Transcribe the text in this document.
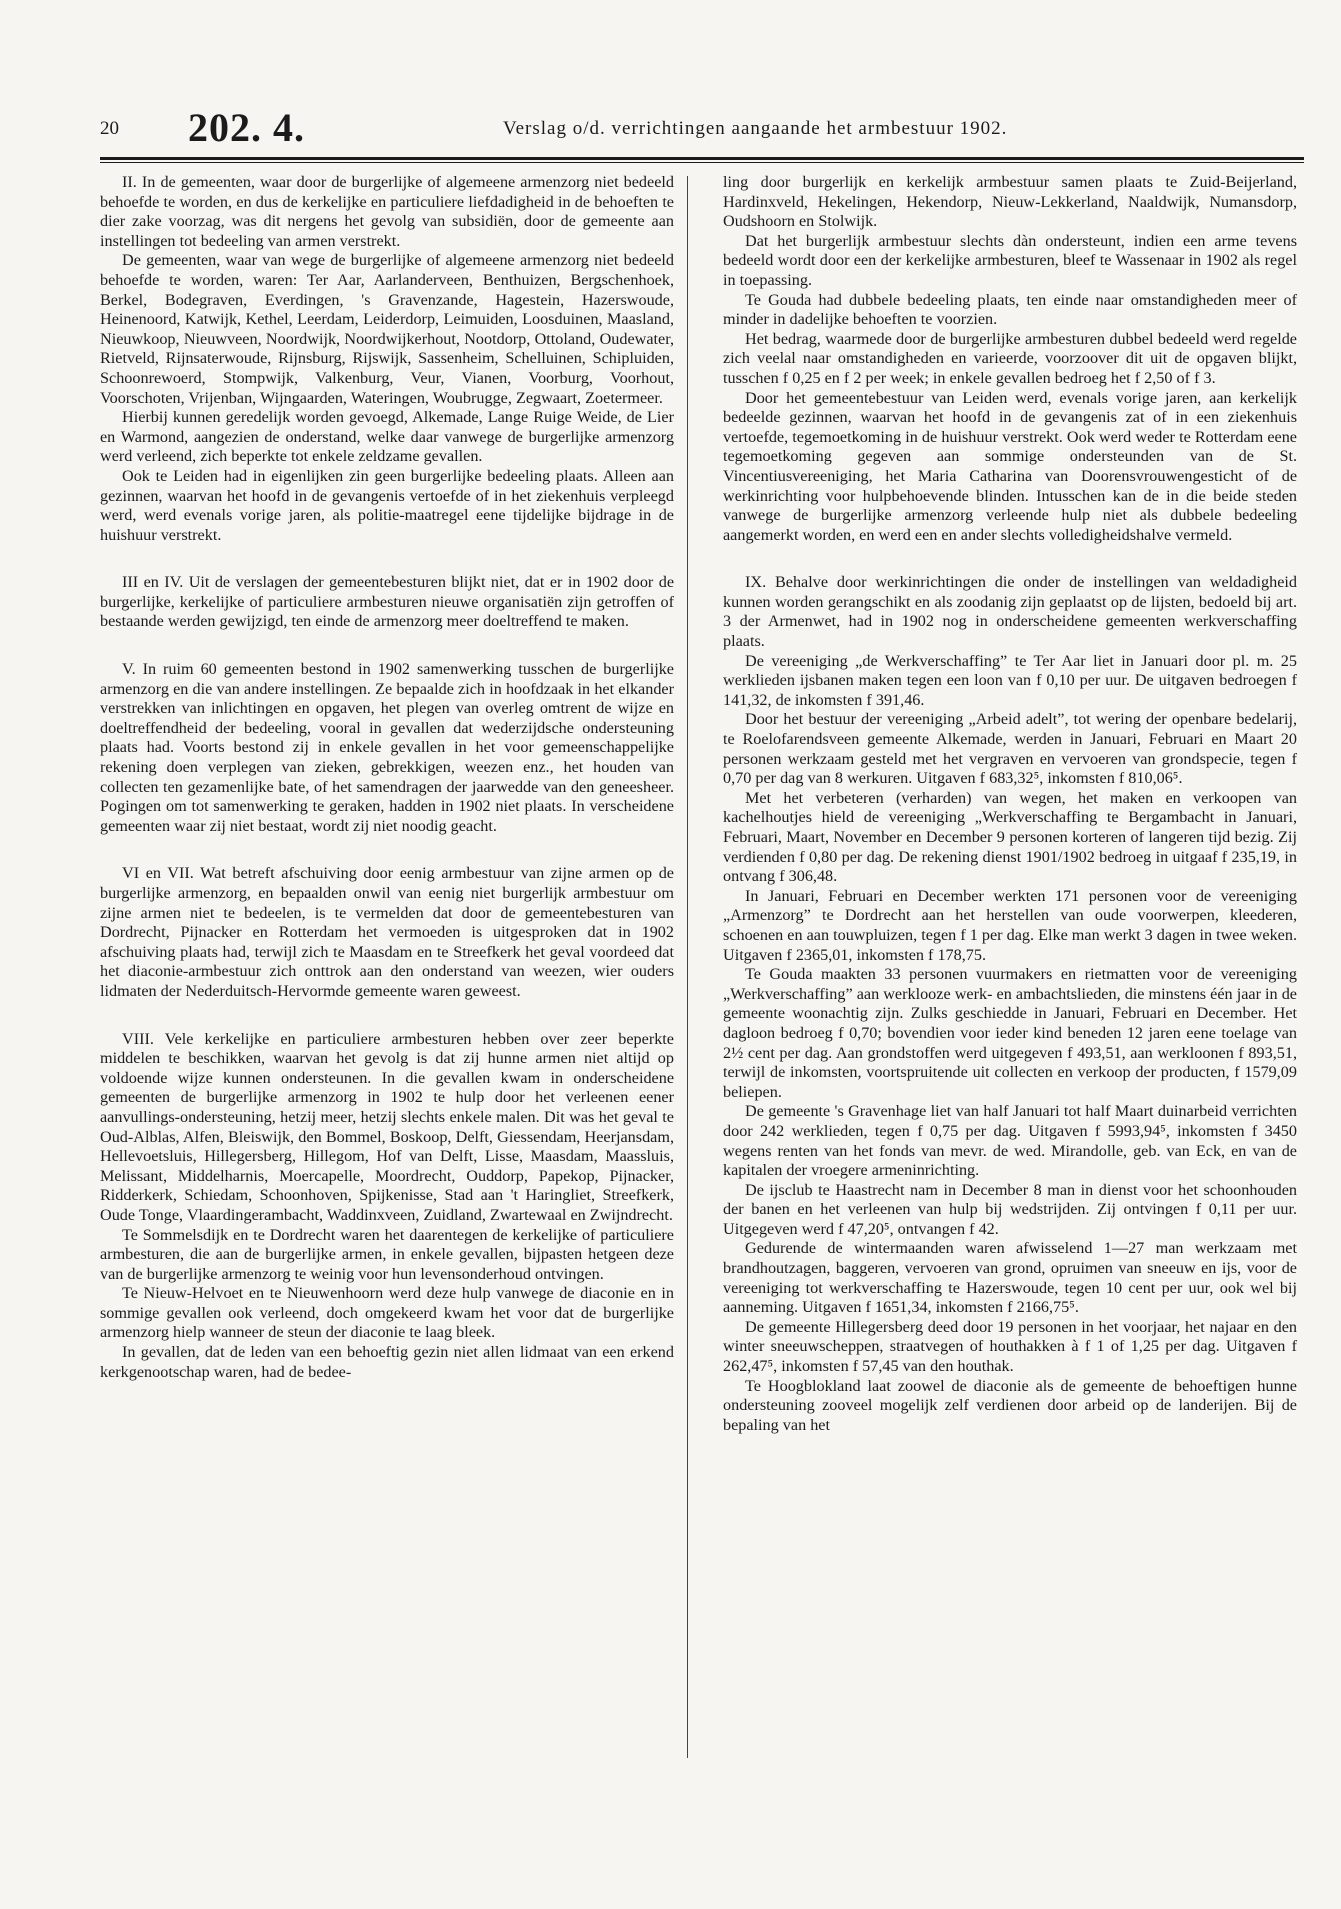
20 202. 4.	Verslag o/d. verrichtingen aangaande het armbestuur 1902.

II. In de gemeenten, waar door de burgerlijke of algemeene armenzorg niet bedeeld behoefde te worden, en dus de kerkelijke en particuliere liefdadigheid in de behoeften te dier zake voorzag, was dit nergens het gevolg van subsidiën, door de gemeente aan instellingen tot bedeeling van armen verstrekt.

De gemeenten, waar van wege de burgerlijke of algemeene armenzorg niet bedeeld behoefde te worden, waren: Ter Aar, Aarlanderveen, Benthuizen, Bergschenhoek, Berkel, Bodegraven, Everdingen, 's Gravenzande, Hagestein, Hazerswoude, Heinenoord, Katwijk, Kethel, Leerdam, Leiderdorp, Leimuiden, Loosduinen, Maasland, Nieuwkoop, Nieuwveen, Noordwijk, Noordwijkerhout, Nootdorp, Ottoland, Oudewater, Rietveld, Rijnsaterwoude, Rijnsburg, Rijswijk, Sassenheim, Schelluinen, Schipluiden, Schoonrewoerd, Stompwijk, Valkenburg, Veur, Vianen, Voorburg, Voorhout, Voorschoten, Vrijenban, Wijngaarden, Wateringen, Woubrugge, Zegwaart, Zoetermeer.

Hierbij kunnen geredelijk worden gevoegd, Alkemade, Lange Ruige Weide, de Lier en Warmond, aangezien de onderstand, welke daar vanwege de burgerlijke armenzorg werd verleend, zich beperkte tot enkele zeldzame gevallen.

Ook te Leiden had in eigenlijken zin geen burgerlijke bedeeling plaats. Alleen aan gezinnen, waarvan het hoofd in de gevangenis vertoefde of in het ziekenhuis verpleegd werd, werd evenals vorige jaren, als politie-maatregel eene tijdelijke bijdrage in de huishuur verstrekt.

III en IV. Uit de verslagen der gemeentebesturen blijkt niet, dat er in 1902 door de burgerlijke, kerkelijke of particuliere armbesturen nieuwe organisatiën zijn getroffen of bestaande werden gewijzigd, ten einde de armenzorg meer doeltreffend te maken.

V. In ruim 60 gemeenten bestond in 1902 samenwerking tusschen de burgerlijke armenzorg en die van andere instellingen. Ze bepaalde zich in hoofdzaak in het elkander verstrekken van inlichtingen en opgaven, het plegen van overleg omtrent de wijze en doeltreffendheid der bedeeling, vooral in gevallen dat wederzijdsche ondersteuning plaats had. Voorts bestond zij in enkele gevallen in het voor gemeenschappelijke rekening doen verplegen van zieken, gebrekkigen, weezen enz., het houden van collecten ten gezamenlijke bate, of het samendragen der jaarwedde van den geneesheer. Pogingen om tot samenwerking te geraken, hadden in 1902 niet plaats. In verscheidene gemeenten waar zij niet bestaat, wordt zij niet noodig geacht.

VI en VII. Wat betreft afschuiving door eenig armbestuur van zijne armen op de burgerlijke armenzorg, en bepaalden onwil van eenig niet burgerlijk armbestuur om zijne armen niet te bedeelen, is te vermelden dat door de gemeentebesturen van Dordrecht, Pijnacker en Rotterdam het vermoeden is uitgesproken dat in 1902 afschuiving plaats had, terwijl zich te Maasdam en te Streefkerk het geval voordeed dat het diaconie-armbestuur zich onttrok aan den onderstand van weezen, wier ouders lidmaten der Nederduitsch-Hervormde gemeente waren geweest.

VIII. Vele kerkelijke en particuliere armbesturen hebben over zeer beperkte middelen te beschikken, waarvan het gevolg is dat zij hunne armen niet altijd op voldoende wijze kunnen ondersteunen. In die gevallen kwam in onderscheidene gemeenten de burgerlijke armenzorg in 1902 te hulp door het verleenen eener aanvullings-ondersteuning, hetzij meer, hetzij slechts enkele malen. Dit was het geval te Oud-Alblas, Alfen, Bleiswijk, den Bommel, Boskoop, Delft, Giessendam, Heerjansdam, Hellevoetsluis, Hillegersberg, Hillegom, Hof van Delft, Lisse, Maasdam, Maassluis, Melissant, Middelharnis, Moercapelle, Moordrecht, Ouddorp, Papekop, Pijnacker, Ridderkerk, Schiedam, Schoonhoven, Spijkenisse, Stad aan 't Haringliet, Streefkerk, Oude Tonge, Vlaardingerambacht, Waddinxveen, Zuidland, Zwartewaal en Zwijndrecht.

Te Sommelsdijk en te Dordrecht waren het daarentegen de kerkelijke of particuliere armbesturen, die aan de burgerlijke armen, in enkele gevallen, bijpasten hetgeen deze van de burgerlijke armenzorg te weinig voor hun levensonderhoud ontvingen.

Te Nieuw-Helvoet en te Nieuwenhoorn werd deze hulp vanwege de diaconie en in sommige gevallen ook verleend, doch omgekeerd kwam het voor dat de burgerlijke armenzorg hielp wanneer de steun der diaconie te laag bleek.

In gevallen, dat de leden van een behoeftig gezin niet allen lidmaat van een erkend kerkgenootschap waren, had de bedee-

ling door burgerlijk en kerkelijk armbestuur samen plaats te Zuid-Beijerland, Hardinxveld, Hekelingen, Hekendorp, Nieuw-Lekkerland, Naaldwijk, Numansdorp, Oudshoorn en Stolwijk.

Dat het burgerlijk armbestuur slechts dàn ondersteunt, indien een arme tevens bedeeld wordt door een der kerkelijke armbesturen, bleef te Wassenaar in 1902 als regel in toepassing.

Te Gouda had dubbele bedeeling plaats, ten einde naar omstandigheden meer of minder in dadelijke behoeften te voorzien.

Het bedrag, waarmede door de burgerlijke armbesturen dubbel bedeeld werd regelde zich veelal naar omstandigheden en varieerde, voorzoover dit uit de opgaven blijkt, tusschen f 0,25 en f 2 per week; in enkele gevallen bedroeg het f 2,50 of f 3.

Door het gemeentebestuur van Leiden werd, evenals vorige jaren, aan kerkelijk bedeelde gezinnen, waarvan het hoofd in de gevangenis zat of in een ziekenhuis vertoefde, tegemoetkoming in de huishuur verstrekt. Ook werd weder te Rotterdam eene tegemoetkoming gegeven aan sommige ondersteunden van de St. Vincentiusvereeniging, het Maria Catharina van Doorensvrouwengesticht of de werkinrichting voor hulpbehoevende blinden. Intusschen kan de in die beide steden vanwege de burgerlijke armenzorg verleende hulp niet als dubbele bedeeling aangemerkt worden, en werd een en ander slechts volledigheidshalve vermeld.

IX. Behalve door werkinrichtingen die onder de instellingen van weldadigheid kunnen worden gerangschikt en als zoodanig zijn geplaatst op de lijsten, bedoeld bij art. 3 der Armenwet, had in 1902 nog in onderscheidene gemeenten werkverschaffing plaats.

De vereeniging „de Werkverschaffing” te Ter Aar liet in Januari door pl. m. 25 werklieden ijsbanen maken tegen een loon van f 0,10 per uur. De uitgaven bedroegen f 141,32, de inkomsten f 391,46.

Door het bestuur der vereeniging „Arbeid adelt”, tot wering der openbare bedelarij, te Roelofarendsveen gemeente Alkemade, werden in Januari, Februari en Maart 20 personen werkzaam gesteld met het vergraven en vervoeren van grondspecie, tegen f 0,70 per dag van 8 werkuren. Uitgaven f 683,32⁵, inkomsten f 810,06⁵.

Met het verbeteren (verharden) van wegen, het maken en verkoopen van kachelhoutjes hield de vereeniging „Werkverschaffing te Bergambacht in Januari, Februari, Maart, November en December 9 personen korteren of langeren tijd bezig. Zij verdienden f 0,80 per dag. De rekening dienst 1901/1902 bedroeg in uitgaaf f 235,19, in ontvang f 306,48.

In Januari, Februari en December werkten 171 personen voor de vereeniging „Armenzorg” te Dordrecht aan het herstellen van oude voorwerpen, kleederen, schoenen en aan touwpluizen, tegen f 1 per dag. Elke man werkt 3 dagen in twee weken. Uitgaven f 2365,01, inkomsten f 178,75.

Te Gouda maakten 33 personen vuurmakers en rietmatten voor de vereeniging „Werkverschaffing” aan werklooze werk- en ambachtslieden, die minstens één jaar in de gemeente woonachtig zijn. Zulks geschiedde in Januari, Februari en December. Het dagloon bedroeg f 0,70; bovendien voor ieder kind beneden 12 jaren eene toelage van 2½ cent per dag. Aan grondstoffen werd uitgegeven f 493,51, aan werkloonen f 893,51, terwijl de inkomsten, voortspruitende uit collecten en verkoop der producten, f 1579,09 beliepen.

De gemeente 's Gravenhage liet van half Januari tot half Maart duinarbeid verrichten door 242 werklieden, tegen f 0,75 per dag. Uitgaven f 5993,94⁵, inkomsten f 3450 wegens renten van het fonds van mevr. de wed. Mirandolle, geb. van Eck, en van de kapitalen der vroegere armeninrichting.

De ijsclub te Haastrecht nam in December 8 man in dienst voor het schoonhouden der banen en het verleenen van hulp bij wedstrijden. Zij ontvingen f 0,11 per uur. Uitgegeven werd f 47,20⁵, ontvangen f 42.

Gedurende de wintermaanden waren afwisselend 1—27 man werkzaam met brandhoutzagen, baggeren, vervoeren van grond, opruimen van sneeuw en ijs, voor de vereeniging tot werkverschaffing te Hazerswoude, tegen 10 cent per uur, ook wel bij aanneming. Uitgaven f 1651,34, inkomsten f 2166,75⁵.

De gemeente Hillegersberg deed door 19 personen in het voorjaar, het najaar en den winter sneeuwscheppen, straatvegen of houthakken à f 1 of 1,25 per dag. Uitgaven f 262,47⁵, inkomsten f 57,45 van den houthak.

Te Hoogblokland laat zoowel de diaconie als de gemeente de behoeftigen hunne ondersteuning zooveel mogelijk zelf verdienen door arbeid op de landerijen. Bij de bepaling van het
